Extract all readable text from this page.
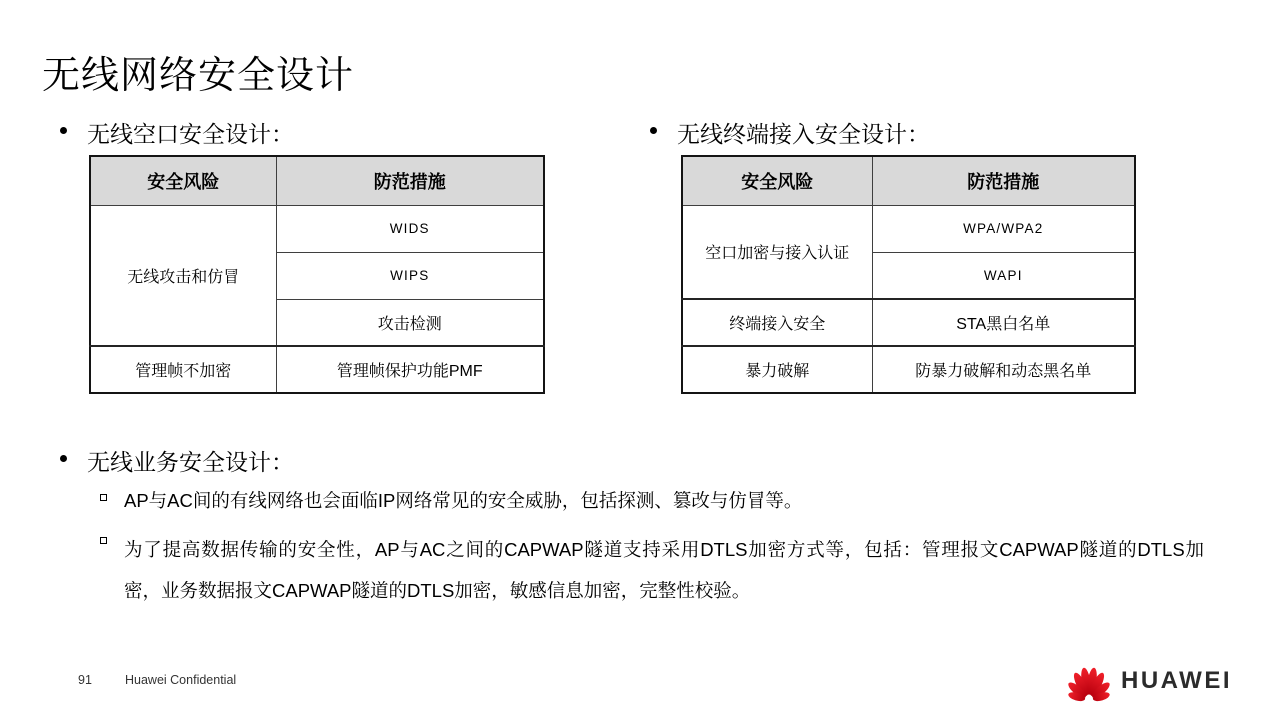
无线网络安全设计
无线空口安全设计：
安全风险	防范措施
无线攻击和仿冒	WIDS
	WIPS
	攻击检测
管理帧不加密	管理帧保护功能PMF
无线终端接入安全设计：
安全风险	防范措施
空口加密与接入认证	WPA/WPA2
	WAPI
终端接入安全	STA黑白名单
暴力破解	防暴力破解和动态黑名单
无线业务安全设计：
AP与AC间的有线网络也会面临IP网络常见的安全威胁，包括探测、篡改与仿冒等。
为了提高数据传输的安全性，AP与AC之间的CAPWAP隧道支持采用DTLS加密方式等，包括：管理报文CAPWAP隧道的DTLS加密，业务数据报文CAPWAP隧道的DTLS加密，敏感信息加密，完整性校验。
91	Huawei Confidential	HUAWEI
